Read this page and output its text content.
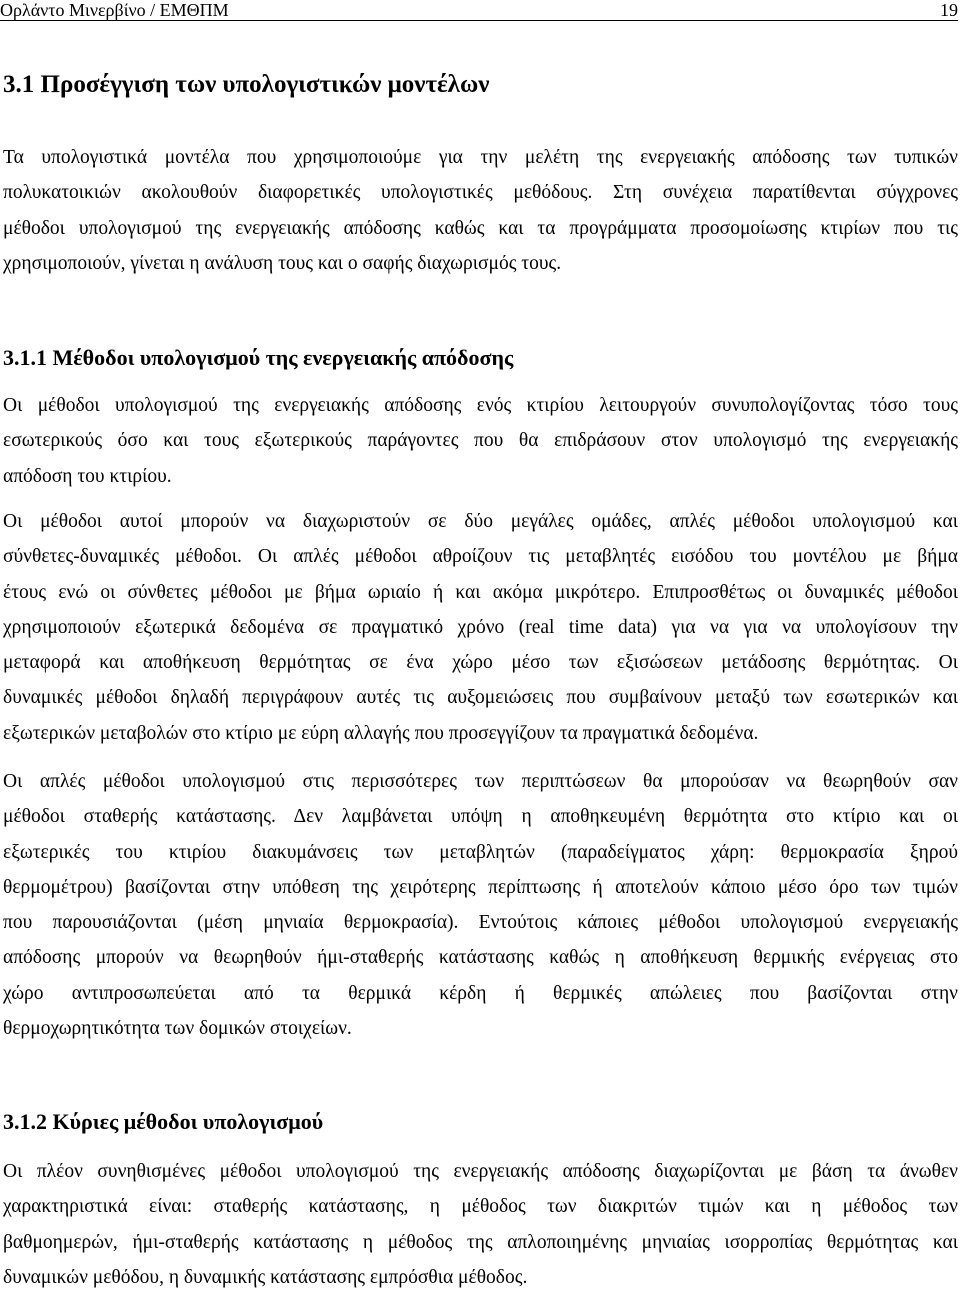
Ορλάντο Μινερβίνο / ΕΜΘΠΜ	19
3.1 Προσέγγιση των υπολογιστικών μοντέλων
Τα υπολογιστικά μοντέλα που χρησιμοποιούμε για την μελέτη της ενεργειακής απόδοσης των τυπικών
πολυκατοικιών ακολουθούν διαφορετικές υπολογιστικές μεθόδους. Στη συνέχεια παρατίθενται σύγχρονες
μέθοδοι υπολογισμού της ενεργειακής απόδοσης καθώς και τα προγράμματα προσομοίωσης κτιρίων που τις
χρησιμοποιούν, γίνεται η ανάλυση τους και ο σαφής διαχωρισμός τους.
3.1.1 Μέθοδοι υπολογισμού της ενεργειακής απόδοσης
Οι μέθοδοι υπολογισμού της ενεργειακής απόδοσης ενός κτιρίου λειτουργούν συνυπολογίζοντας τόσο τους
εσωτερικούς όσο και τους εξωτερικούς παράγοντες που θα επιδράσουν στον υπολογισμό της ενεργειακής
απόδοση του κτιρίου.
Οι μέθοδοι αυτοί μπορούν να διαχωριστούν σε δύο μεγάλες ομάδες, απλές μέθοδοι υπολογισμού και
σύνθετες-δυναμικές μέθοδοι. Οι απλές μέθοδοι αθροίζουν τις μεταβλητές εισόδου του μοντέλου με βήμα
έτους ενώ οι σύνθετες μέθοδοι με βήμα ωριαίο ή και ακόμα μικρότερο. Επιπροσθέτως οι δυναμικές μέθοδοι
χρησιμοποιούν εξωτερικά δεδομένα σε πραγματικό χρόνο (real time data) για να για να υπολογίσουν την
μεταφορά και αποθήκευση θερμότητας σε ένα χώρο μέσο των εξισώσεων μετάδοσης θερμότητας. Οι
δυναμικές μέθοδοι δηλαδή περιγράφουν αυτές τις αυξομειώσεις που συμβαίνουν μεταξύ των εσωτερικών και
εξωτερικών μεταβολών στο κτίριο με εύρη αλλαγής που προσεγγίζουν τα πραγματικά δεδομένα.
Οι απλές μέθοδοι υπολογισμού στις περισσότερες των περιπτώσεων θα μπορούσαν να θεωρηθούν σαν
μέθοδοι σταθερής κατάστασης. Δεν λαμβάνεται υπόψη η αποθηκευμένη θερμότητα στο κτίριο και οι
εξωτερικές του κτιρίου διακυμάνσεις των μεταβλητών (παραδείγματος χάρη: θερμοκρασία ξηρού
θερμομέτρου) βασίζονται στην υπόθεση της χειρότερης περίπτωσης ή αποτελούν κάποιο μέσο όρο των τιμών
που παρουσιάζονται (μέση μηνιαία θερμοκρασία). Εντούτοις κάποιες μέθοδοι υπολογισμού ενεργειακής
απόδοσης μπορούν να θεωρηθούν ήμι-σταθερής κατάστασης καθώς η αποθήκευση θερμικής ενέργειας στο
χώρο αντιπροσωπεύεται από τα θερμικά κέρδη ή θερμικές απώλειες που βασίζονται στην
θερμοχωρητικότητα των δομικών στοιχείων.
3.1.2 Κύριες μέθοδοι υπολογισμού
Οι πλέον συνηθισμένες μέθοδοι υπολογισμού της ενεργειακής απόδοσης διαχωρίζονται με βάση τα άνωθεν
χαρακτηριστικά είναι: σταθερής κατάστασης, η μέθοδος των διακριτών τιμών και η μέθοδος των
βαθμοημερών, ήμι-σταθερής κατάστασης η μέθοδος της απλοποιημένης μηνιαίας ισορροπίας θερμότητας και
δυναμικών μεθόδου, η δυναμικής κατάστασης εμπρόσθια μέθοδος.
